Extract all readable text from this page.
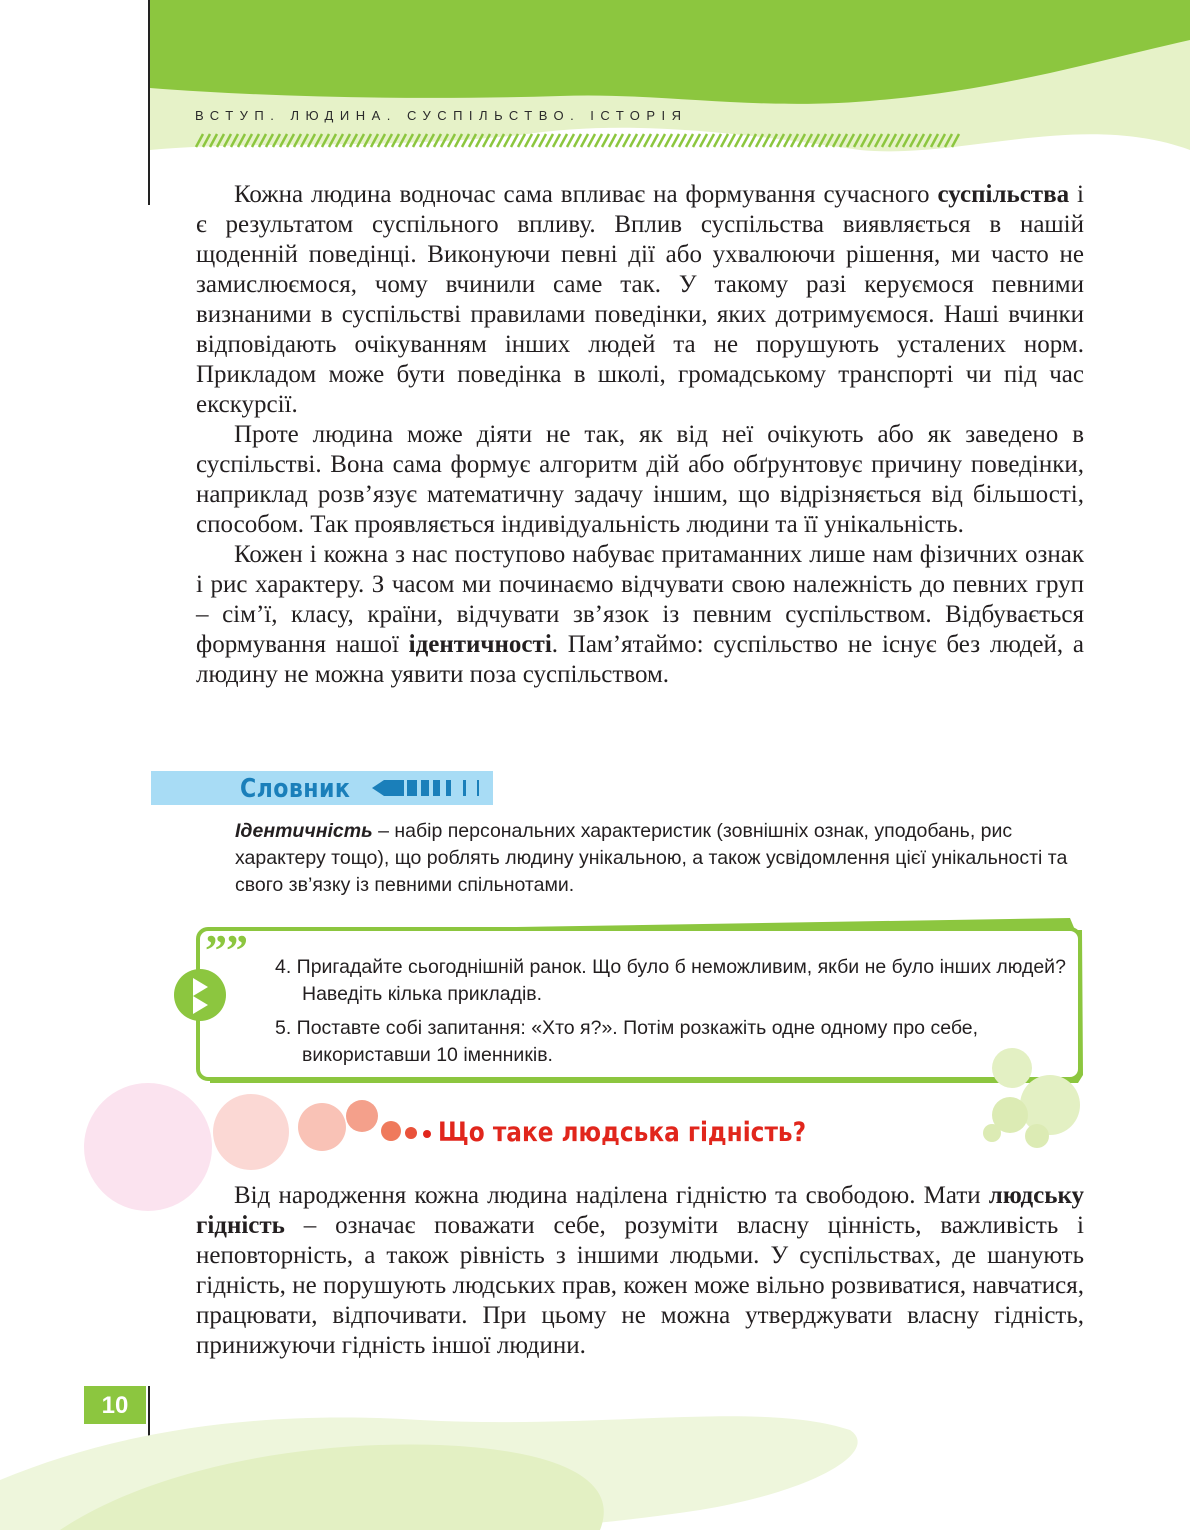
ВСТУП. ЛЮДИНА. СУСПІЛЬСТВО. ІСТОРІЯ

Кожна людина водночас сама впливає на формування сучасного суспільства і є результатом суспільного впливу. Вплив суспільства виявляється в нашій щоденній поведінці. Виконуючи певні дії або ухвалюючи рішення, ми часто не замислюємося, чому вчинили саме так. У такому разі керуємося певними визнаними в суспільстві правилами поведінки, яких дотримуємося. Наші вчинки відповідають очікуванням інших людей та не порушують усталених норм. Прикладом може бути поведінка в школі, громадському транспорті чи під час екскурсії.

Проте людина може діяти не так, як від неї очікують або як заведено в суспільстві. Вона сама формує алгоритм дій або обґрунтовує причину поведінки, наприклад розв’язує математичну задачу іншим, що відрізняється від більшості, способом. Так проявляється індивідуальність людини та її унікальність.

Кожен і кожна з нас поступово набуває притаманних лише нам фізичних ознак і рис характеру. З часом ми починаємо відчувати свою належність до певних груп – сім’ї, класу, країни, відчувати зв’язок із певним суспільством. Відбувається формування нашої ідентичності. Пам’ятаймо: суспільство не існує без людей, а людину не можна уявити поза суспільством.

Словник

Ідентичність – набір персональних характеристик (зовнішніх ознак, уподобань, рис характеру тощо), що роблять людину унікальною, а також усвідомлення цієї унікальності та свого зв’язку із певними спільнотами.

” ” 4. Пригадайте сьогоднішній ранок. Що було б неможливим, якби не було інших людей? Наведіть кілька прикладів.
5. Поставте собі запитання: «Хто я?». Потім розкажіть одне одному про себе, використавши 10 іменників.
Що таке людська гідність?

Від народження кожна людина наділена гідністю та свободою. Мати людську гідність – означає поважати себе, розуміти власну цінність, важливість і неповторність, а також рівність з іншими людьми. У суспільствах, де шанують гідність, не порушують людських прав, кожен може вільно розвиватися, навчатися, працювати, відпочивати. При цьому не можна утверджувати власну гідність, принижуючи гідність іншої людини.

10
